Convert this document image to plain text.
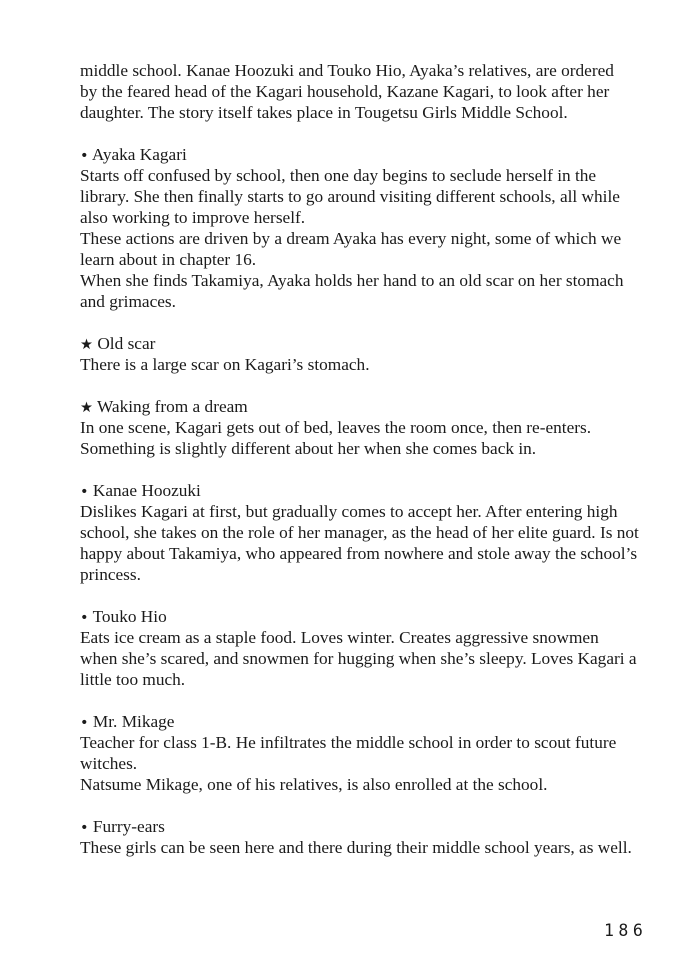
middle school. Kanae Hoozuki and Touko Hio, Ayaka’s relatives, are ordered
by the feared head of the Kagari household, Kazane Kagari, to look after her
daughter. The story itself takes place in Tougetsu Girls Middle School.
• Ayaka Kagari
Starts off confused by school, then one day begins to seclude herself in the
library. She then finally starts to go around visiting different schools, all while
also working to improve herself.
These actions are driven by a dream Ayaka has every night, some of which we
learn about in chapter 16.
When she finds Takamiya, Ayaka holds her hand to an old scar on her stomach
and grimaces.
★ Old scar
There is a large scar on Kagari’s stomach.
★ Waking from a dream
In one scene, Kagari gets out of bed, leaves the room once, then re-enters.
Something is slightly different about her when she comes back in.
• Kanae Hoozuki
Dislikes Kagari at first, but gradually comes to accept her. After entering high
school, she takes on the role of her manager, as the head of her elite guard. Is not
happy about Takamiya, who appeared from nowhere and stole away the school’s
princess.
• Touko Hio
Eats ice cream as a staple food. Loves winter. Creates aggressive snowmen
when she’s scared, and snowmen for hugging when she’s sleepy. Loves Kagari a
little too much.
• Mr. Mikage
Teacher for class 1-B. He infiltrates the middle school in order to scout future
witches.
Natsume Mikage, one of his relatives, is also enrolled at the school.
• Furry-ears
These girls can be seen here and there during their middle school years, as well.
186
